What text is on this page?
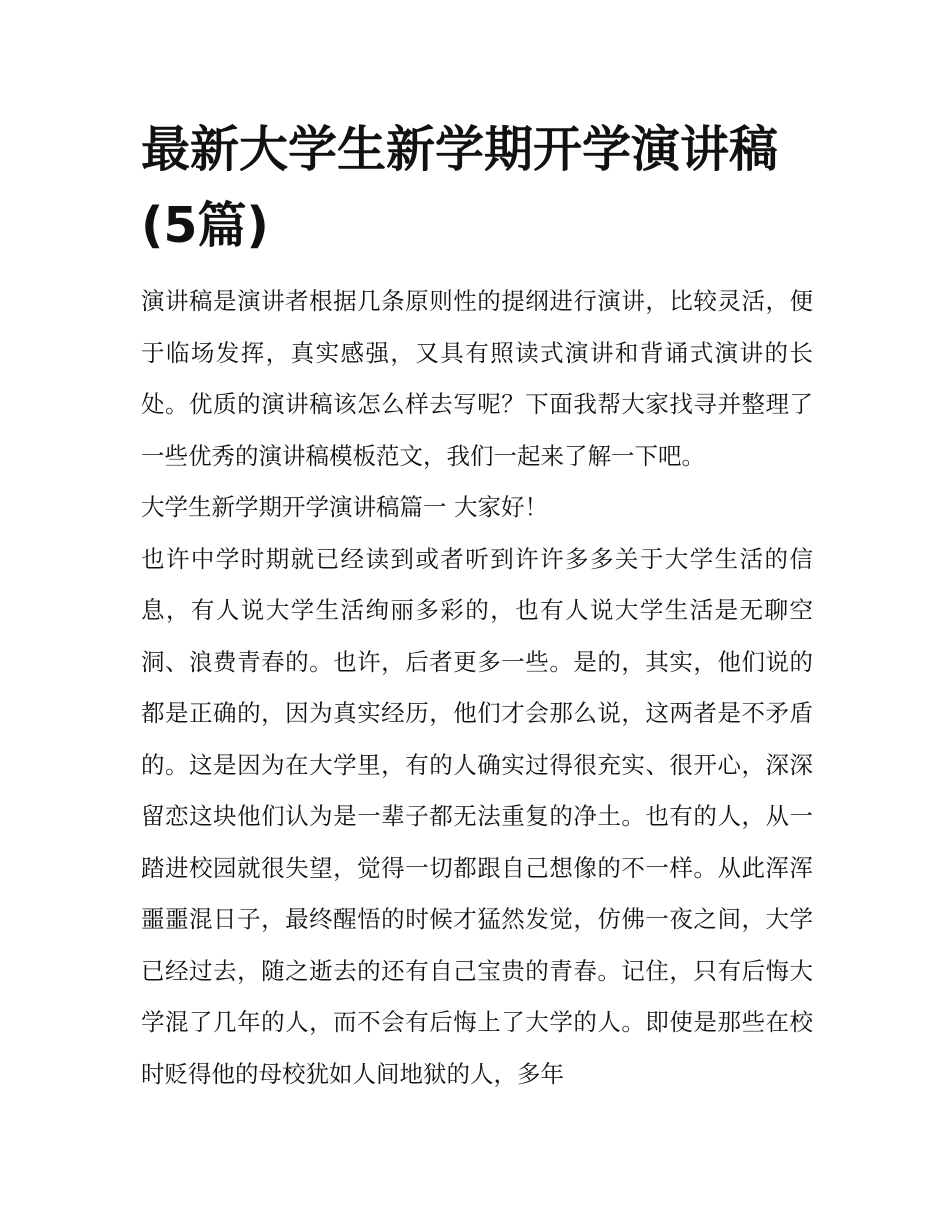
最新大学生新学期开学演讲稿(5篇)

演讲稿是演讲者根据几条原则性的提纲进行演讲，比较灵活，便于临场发挥，真实感强，又具有照读式演讲和背诵式演讲的长处。优质的演讲稿该怎么样去写呢？下面我帮大家找寻并整理了一些优秀的演讲稿模板范文，我们一起来了解一下吧。

大学生新学期开学演讲稿篇一 大家好！

也许中学时期就已经读到或者听到许许多多关于大学生活的信息，有人说大学生活绚丽多彩的，也有人说大学生活是无聊空洞、浪费青春的。也许，后者更多一些。是的，其实，他们说的都是正确的，因为真实经历，他们才会那么说，这两者是不矛盾的。这是因为在大学里，有的人确实过得很充实、很开心，深深留恋这块他们认为是一辈子都无法重复的净土。也有的人，从一踏进校园就很失望，觉得一切都跟自己想像的不一样。从此浑浑噩噩混日子，最终醒悟的时候才猛然发觉，仿佛一夜之间，大学已经过去，随之逝去的还有自己宝贵的青春。记住，只有后悔大学混了几年的人，而不会有后悔上了大学的人。即使是那些在校时贬得他的母校犹如人间地狱的人，多年
